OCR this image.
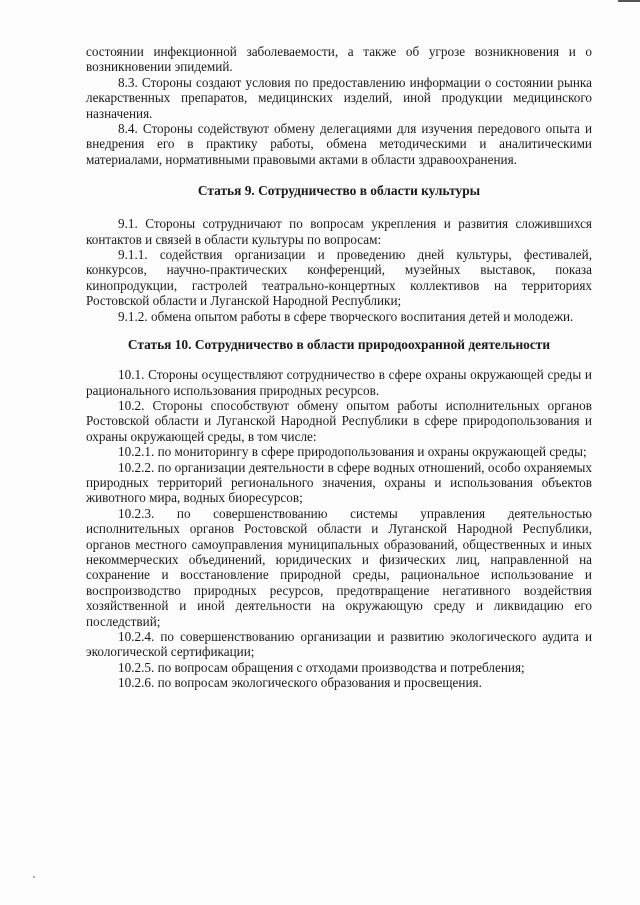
состоянии инфекционной заболеваемости, а также об угрозе возникновения и о возникновении эпидемий.

8.3. Стороны создают условия по предоставлению информации о состоянии рынка лекарственных препаратов, медицинских изделий, иной продукции медицинского назначения.

8.4. Стороны содействуют обмену делегациями для изучения передового опыта и внедрения его в практику работы, обмена методическими и аналитическими материалами, нормативными правовыми актами в области здравоохранения.

Статья 9. Сотрудничество в области культуры

9.1. Стороны сотрудничают по вопросам укрепления и развития сложившихся контактов и связей в области культуры по вопросам:

9.1.1. содействия организации и проведению дней культуры, фестивалей, конкурсов, научно-практических конференций, музейных выставок, показа кинопродукции, гастролей театрально-концертных коллективов на территориях Ростовской области и Луганской Народной Республики;

9.1.2. обмена опытом работы в сфере творческого воспитания детей и молодежи.

Статья 10. Сотрудничество в области природоохранной деятельности

10.1. Стороны осуществляют сотрудничество в сфере охраны окружающей среды и рационального использования природных ресурсов.

10.2. Стороны способствуют обмену опытом работы исполнительных органов Ростовской области и Луганской Народной Республики в сфере природопользования и охраны окружающей среды, в том числе:

10.2.1. по мониторингу в сфере природопользования и охраны окружающей среды;

10.2.2. по организации деятельности в сфере водных отношений, особо охраняемых природных территорий регионального значения, охраны и использования объектов животного мира, водных биоресурсов;

10.2.3. по совершенствованию системы управления деятельностью исполнительных органов Ростовской области и Луганской Народной Республики, органов местного самоуправления муниципальных образований, общественных и иных некоммерческих объединений, юридических и физических лиц, направленной на сохранение и восстановление природной среды, рациональное использование и воспроизводство природных ресурсов, предотвращение негативного воздействия хозяйственной и иной деятельности на окружающую среду и ликвидацию его последствий;

10.2.4. по совершенствованию организации и развитию экологического аудита и экологической сертификации;

10.2.5. по вопросам обращения с отходами производства и потребления;

10.2.6. по вопросам экологического образования и просвещения.
